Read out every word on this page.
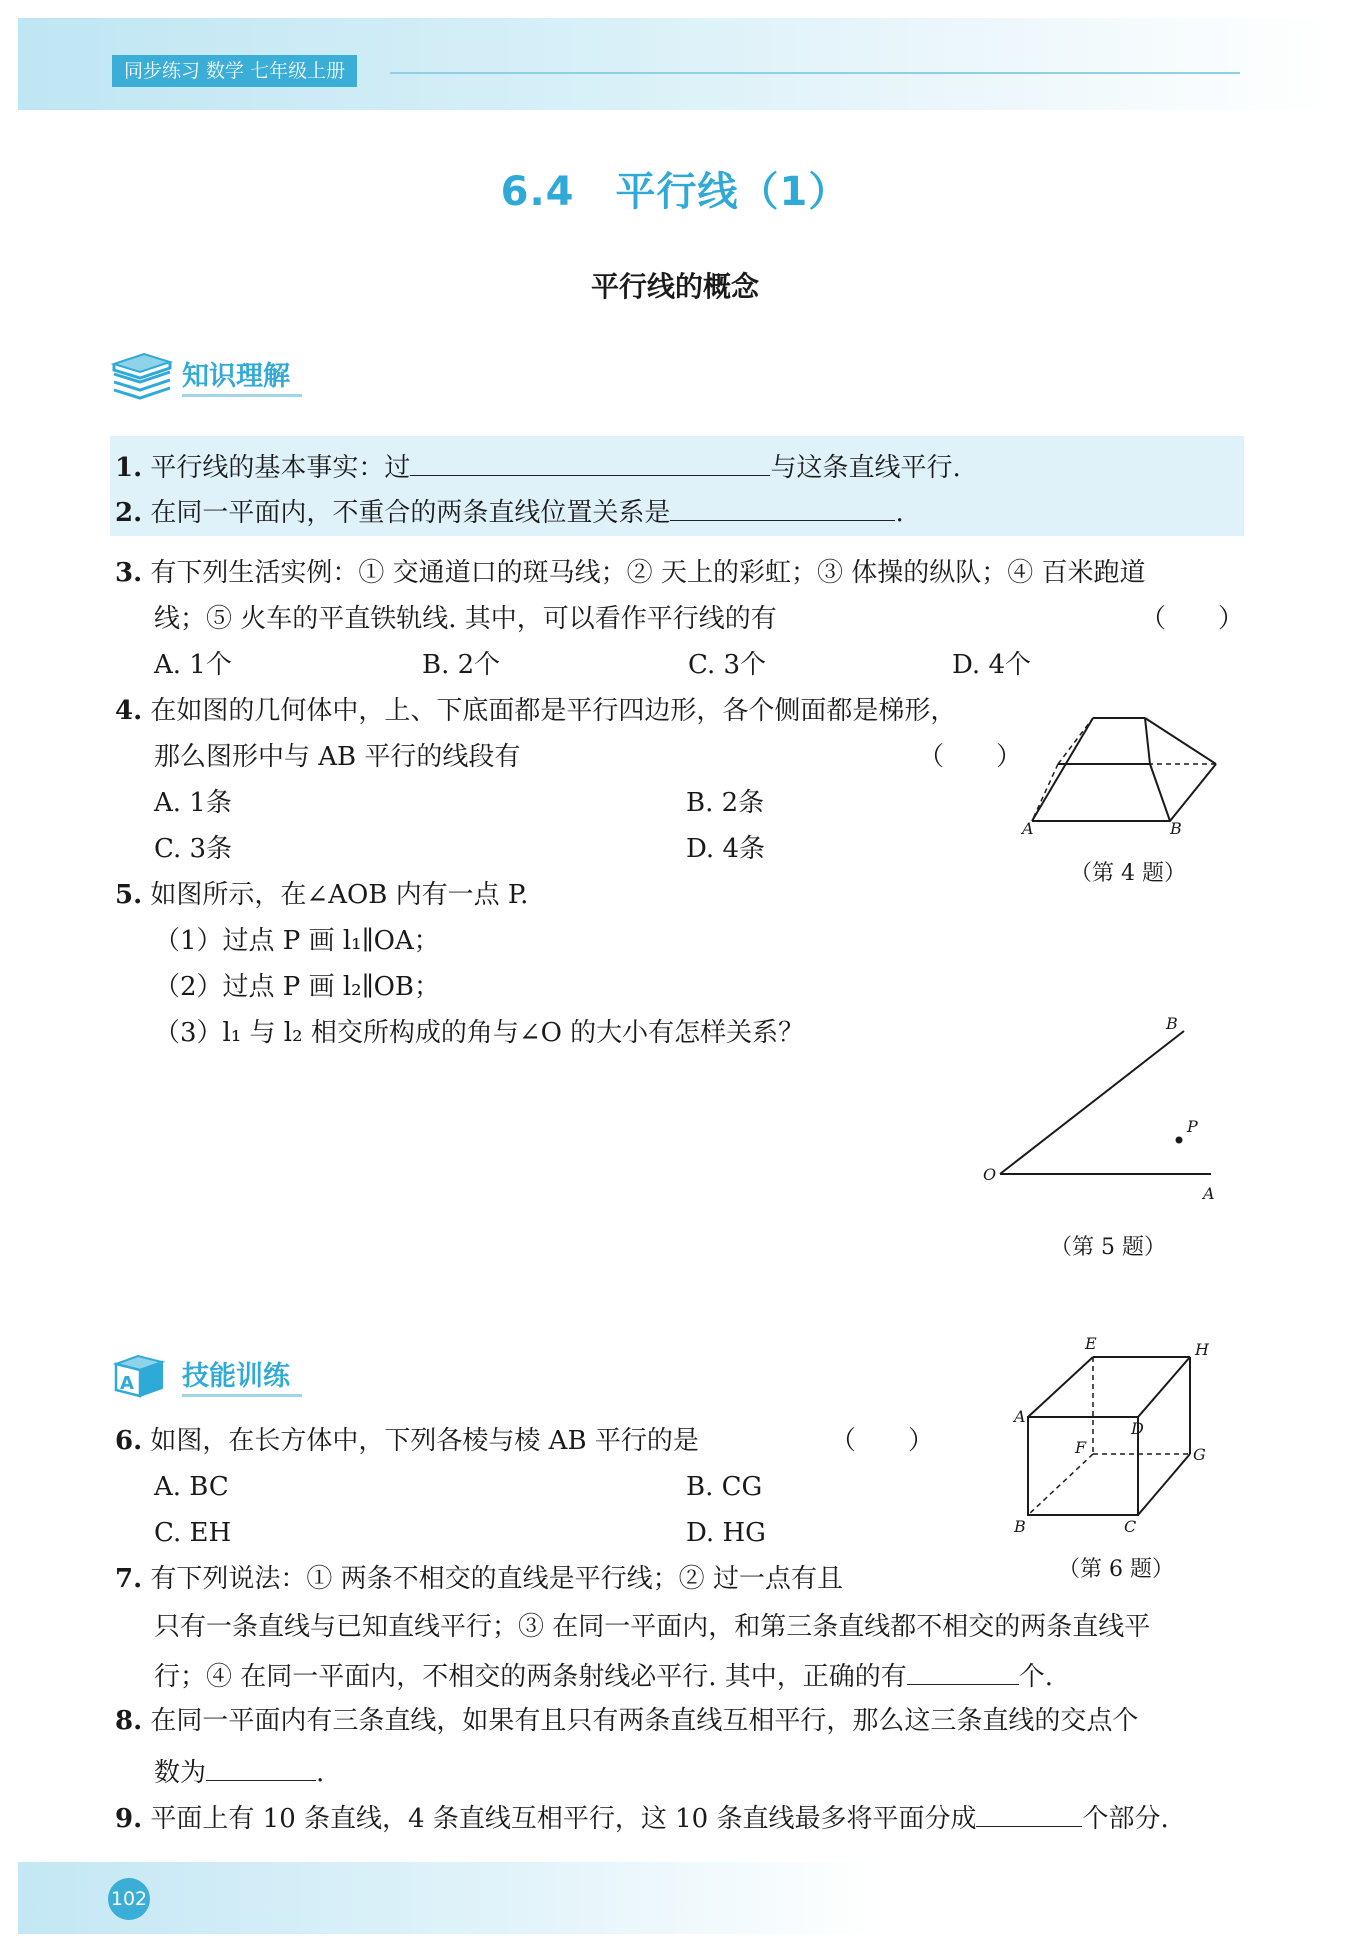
同步练习 数学 七年级上册
6.4　平行线（1）
平行线的概念
知识理解
1. 平行线的基本事实：过	与这条直线平行.
2. 在同一平面内，不重合的两条直线位置关系是	.
3. 有下列生活实例：① 交通道口的斑马线；② 天上的彩虹；③ 体操的纵队；④ 百米跑道
线；⑤ 火车的平直铁轨线. 其中，可以看作平行线的有	（　　）
A. 1个	B. 2个	C. 3个	D. 4个
4. 在如图的几何体中，上、下底面都是平行四边形，各个侧面都是梯形，
那么图形中与 AB 平行的线段有	（　　）
A. 1条	B. 2条
C. 3条	D. 4条
A	B
（第 4 题）
5. 如图所示，在∠AOB 内有一点 P.
（1）过点 P 画 l₁∥OA；
（2）过点 P 画 l₂∥OB；
（3）l₁ 与 l₂ 相交所构成的角与∠O 的大小有怎样关系？
O
A
B
P
（第 5 题）
A 技能训练
6. 如图，在长方体中，下列各棱与棱 AB 平行的是	（　　）
A. BC	B. CG
C. EH	D. HG
A
B	C
D
E
F	G
H
（第 6 题）
7. 有下列说法：① 两条不相交的直线是平行线；② 过一点有且
只有一条直线与已知直线平行；③ 在同一平面内，和第三条直线都不相交的两条直线平
行；④ 在同一平面内，不相交的两条射线必平行. 其中，正确的有	个.
8. 在同一平面内有三条直线，如果有且只有两条直线互相平行，那么这三条直线的交点个
数为	.
9. 平面上有 10 条直线，4 条直线互相平行，这 10 条直线最多将平面分成	个部分.
102
